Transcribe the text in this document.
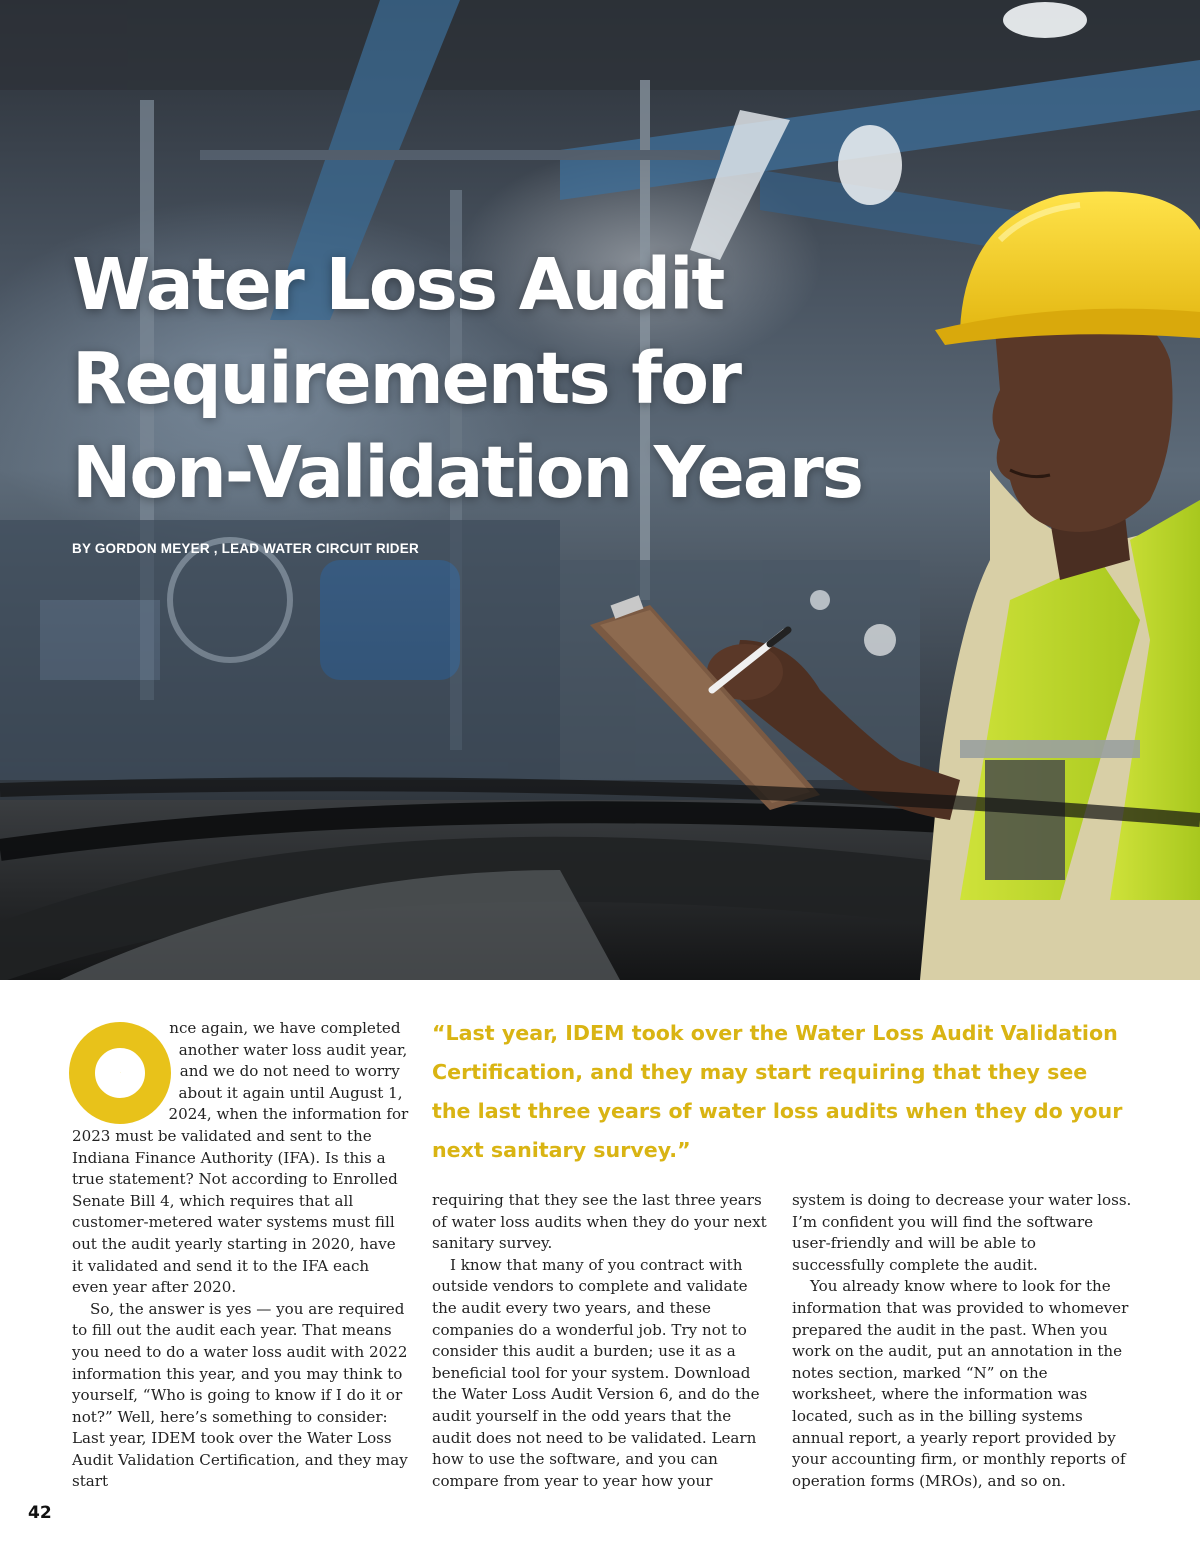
Water Loss Audit
Requirements for
Non-Validation Years

BY GORDON MEYER , LEAD WATER CIRCUIT RIDER

O

nce again, we have completed another water loss audit year, and we do not need to worry about it again until August 1, 2024, when the information for 2023 must be validated and sent to the Indiana Finance Authority (IFA). Is this a true statement? Not according to Enrolled Senate Bill 4, which requires that all customer-metered water systems must fill out the audit yearly starting in 2020, have it validated and send it to the IFA each even year after 2020.

So, the answer is yes — you are required to fill out the audit each year. That means you need to do a water loss audit with 2022 information this year, and you may think to yourself, “Who is going to know if I do it or not?” Well, here’s something to consider: Last year, IDEM took over the Water Loss Audit Validation Certification, and they may start

“Last year, IDEM took over the Water Loss Audit Validation Certification, and they may start requiring that they see the last three years of water loss audits when they do your next sanitary survey.”

requiring that they see the last three years of water loss audits when they do your next sanitary survey.

I know that many of you contract with outside vendors to complete and validate the audit every two years, and these companies do a wonderful job. Try not to consider this audit a burden; use it as a beneficial tool for your system. Download the Water Loss Audit Version 6, and do the audit yourself in the odd years that the audit does not need to be validated. Learn how to use the software, and you can compare from year to year how your

system is doing to decrease your water loss. I’m confident you will find the software user-friendly and will be able to successfully complete the audit.

You already know where to look for the information that was provided to whomever prepared the audit in the past. When you work on the audit, put an annotation in the notes section, marked “N” on the worksheet, where the information was located, such as in the billing systems annual report, a yearly report provided by your accounting firm, or monthly reports of operation forms (MROs), and so on.

42
